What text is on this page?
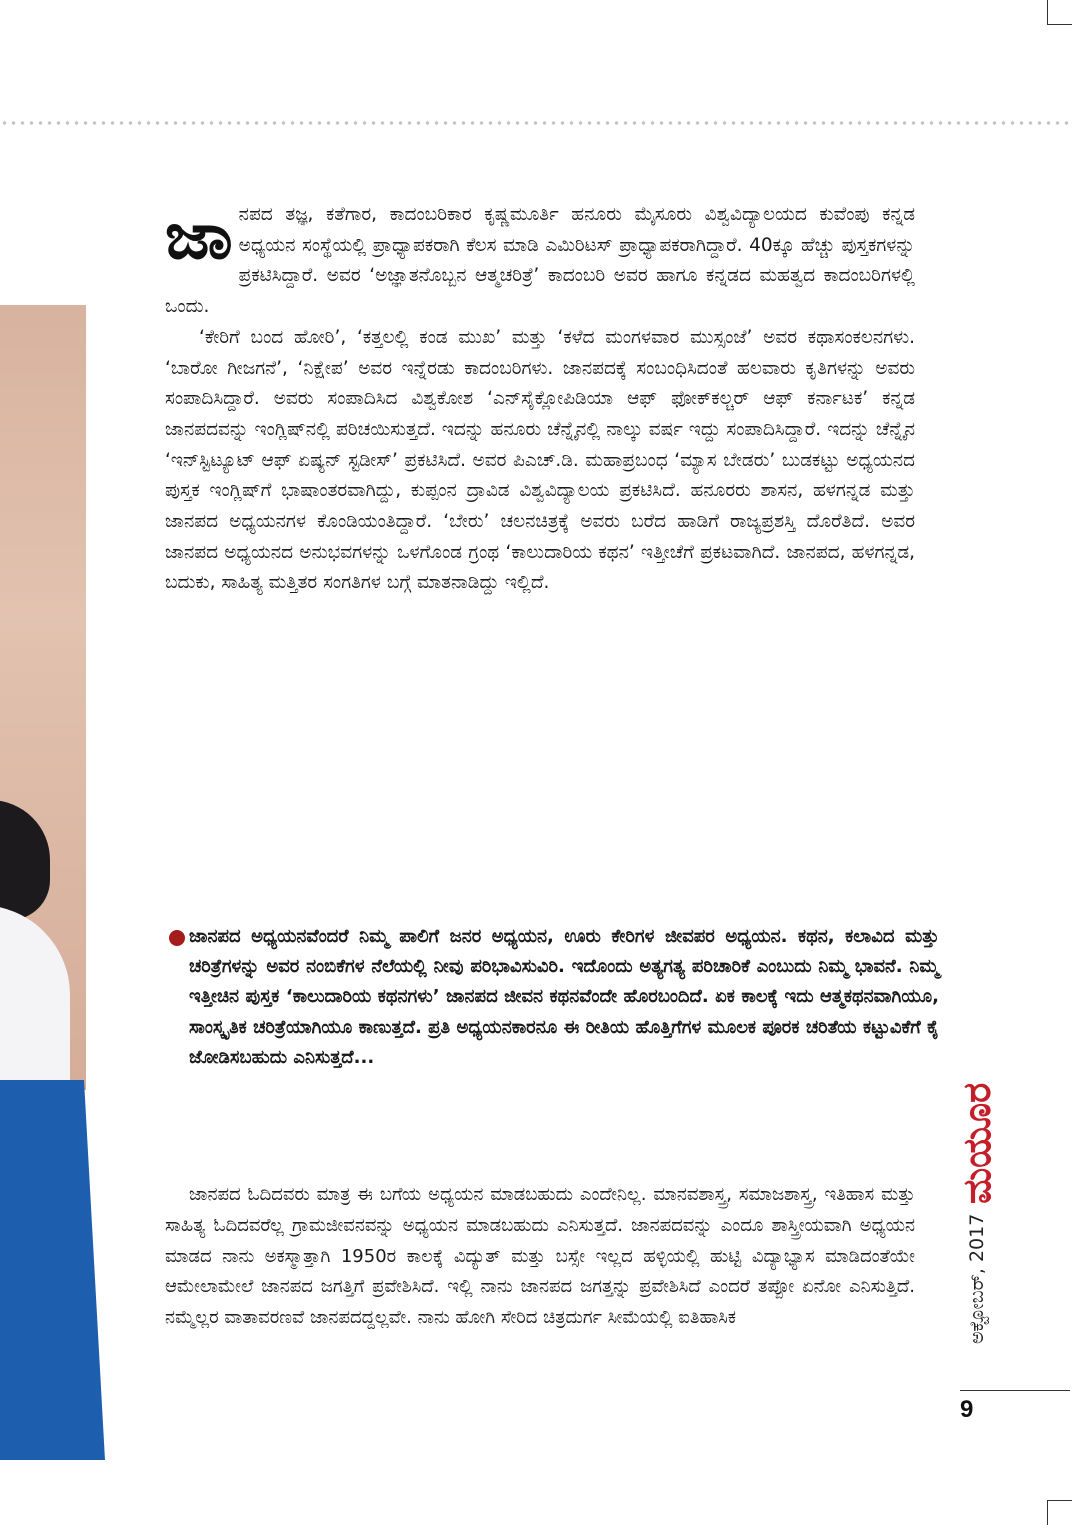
ಜಾನಪದ ತಜ್ಞ, ಕತೆಗಾರ, ಕಾದಂಬರಿಕಾರ ಕೃಷ್ಣಮೂರ್ತಿ ಹನೂರು ಮೈಸೂರು ವಿಶ್ವವಿದ್ಯಾಲಯದ ಕುವೆಂಪು ಕನ್ನಡ ಅಧ್ಯಯನ ಸಂಸ್ಥೆಯಲ್ಲಿ ಪ್ರಾಧ್ಯಾಪಕರಾಗಿ ಕೆಲಸ ಮಾಡಿ ಎಮಿರಿಟಸ್ ಪ್ರಾಧ್ಯಾಪಕರಾಗಿದ್ದಾರೆ. 40ಕ್ಕೂ ಹೆಚ್ಚು ಪುಸ್ತಕಗಳನ್ನು ಪ್ರಕಟಿಸಿದ್ದಾರೆ. ಅವರ ‘ಅಜ್ಞಾತನೊಬ್ಬನ ಆತ್ಮಚರಿತ್ರೆ’ ಕಾದಂಬರಿ ಅವರ ಹಾಗೂ ಕನ್ನಡದ ಮಹತ್ವದ ಕಾದಂಬರಿಗಳಲ್ಲಿ ಒಂದು.

‘ಕೇರಿಗೆ ಬಂದ ಹೋರಿ’, ‘ಕತ್ತಲಲ್ಲಿ ಕಂಡ ಮುಖ’ ಮತ್ತು ‘ಕಳೆದ ಮಂಗಳವಾರ ಮುಸ್ಸಂಜೆ’ ಅವರ ಕಥಾಸಂಕಲನಗಳು. ‘ಬಾರೋ ಗೀಜಗನೆ’, ‘ನಿಕ್ಷೇಪ’ ಅವರ ಇನ್ನೆರಡು ಕಾದಂಬರಿಗಳು. ಜಾನಪದಕ್ಕೆ ಸಂಬಂಧಿಸಿದಂತೆ ಹಲವಾರು ಕೃತಿಗಳನ್ನು ಅವರು ಸಂಪಾದಿಸಿದ್ದಾರೆ. ಅವರು ಸಂಪಾದಿಸಿದ ವಿಶ್ವಕೋಶ ‘ಎನ್‌ಸೈಕ್ಲೋಪಿಡಿಯಾ ಆಫ್ ಫೋಕ್‌ಕಲ್ಚರ್ ಆಫ್ ಕರ್ನಾಟಕ’ ಕನ್ನಡ ಜಾನಪದವನ್ನು ಇಂಗ್ಲಿಷ್‌ನಲ್ಲಿ ಪರಿಚಯಿಸುತ್ತದೆ. ಇದನ್ನು ಹನೂರು ಚೆನ್ನೈನಲ್ಲಿ ನಾಲ್ಕು ವರ್ಷ ಇದ್ದು ಸಂಪಾದಿಸಿದ್ದಾರೆ. ಇದನ್ನು ಚೆನ್ನೈನ ‘ಇನ್‌ಸ್ಟಿಟ್ಯೂಟ್ ಆಫ್ ಏಷ್ಯನ್ ಸ್ಟಡೀಸ್’ ಪ್ರಕಟಿಸಿದೆ. ಅವರ ಪಿಎಚ್.ಡಿ. ಮಹಾಪ್ರಬಂಧ ‘ಮ್ಯಾಸ ಬೇಡರು’ ಬುಡಕಟ್ಟು ಅಧ್ಯಯನದ ಪುಸ್ತಕ ಇಂಗ್ಲಿಷ್‌ಗೆ ಭಾಷಾಂತರವಾಗಿದ್ದು, ಕುಪ್ಪಂನ ದ್ರಾವಿಡ ವಿಶ್ವವಿದ್ಯಾಲಯ ಪ್ರಕಟಿಸಿದೆ. ಹನೂರರು ಶಾಸನ, ಹಳಗನ್ನಡ ಮತ್ತು ಜಾನಪದ ಅಧ್ಯಯನಗಳ ಕೊಂಡಿಯಂತಿದ್ದಾರೆ. ‘ಬೇರು’ ಚಲನಚಿತ್ರಕ್ಕೆ ಅವರು ಬರೆದ ಹಾಡಿಗೆ ರಾಜ್ಯಪ್ರಶಸ್ತಿ ದೊರೆತಿದೆ. ಅವರ ಜಾನಪದ ಅಧ್ಯಯನದ ಅನುಭವಗಳನ್ನು ಒಳಗೊಂಡ ಗ್ರಂಥ ‘ಕಾಲುದಾರಿಯ ಕಥನ’ ಇತ್ತೀಚೆಗೆ ಪ್ರಕಟವಾಗಿದೆ. ಜಾನಪದ, ಹಳಗನ್ನಡ, ಬದುಕು, ಸಾಹಿತ್ಯ ಮತ್ತಿತರ ಸಂಗತಿಗಳ ಬಗ್ಗೆ ಮಾತನಾಡಿದ್ದು ಇಲ್ಲಿದೆ.

ಜಾನಪದ ಅಧ್ಯಯನವೆಂದರೆ ನಿಮ್ಮ ಪಾಲಿಗೆ ಜನರ ಅಧ್ಯಯನ, ಊರು ಕೇರಿಗಳ ಜೀವಪರ ಅಧ್ಯಯನ. ಕಥನ, ಕಲಾವಿದ ಮತ್ತು ಚರಿತ್ರೆಗಳನ್ನು ಅವರ ನಂಬಿಕೆಗಳ ನೆಲೆಯಲ್ಲಿ ನೀವು ಪರಿಭಾವಿಸುವಿರಿ. ಇದೊಂದು ಅತ್ಯಗತ್ಯ ಪರಿಚಾರಿಕೆ ಎಂಬುದು ನಿಮ್ಮ ಭಾವನೆ. ನಿಮ್ಮ ಇತ್ತೀಚಿನ ಪುಸ್ತಕ ‘ಕಾಲುದಾರಿಯ ಕಥನಗಳು’ ಜಾನಪದ ಜೀವನ ಕಥನವೆಂದೇ ಹೊರಬಂದಿದೆ. ಏಕ ಕಾಲಕ್ಕೆ ಇದು ಆತ್ಮಕಥನವಾಗಿಯೂ, ಸಾಂಸ್ಕೃತಿಕ ಚರಿತ್ರೆಯಾಗಿಯೂ ಕಾಣುತ್ತದೆ. ಪ್ರತಿ ಅಧ್ಯಯನಕಾರನೂ ಈ ರೀತಿಯ ಹೊತ್ತಿಗೆಗಳ ಮೂಲಕ ಪೂರಕ ಚರಿತೆಯ ಕಟ್ಟುವಿಕೆಗೆ ಕೈ ಜೋಡಿಸಬಹುದು ಎನಿಸುತ್ತದೆ...

ಜಾನಪದ ಓದಿದವರು ಮಾತ್ರ ಈ ಬಗೆಯ ಅಧ್ಯಯನ ಮಾಡಬಹುದು ಎಂದೇನಿಲ್ಲ. ಮಾನವಶಾಸ್ತ್ರ, ಸಮಾಜಶಾಸ್ತ್ರ, ಇತಿಹಾಸ ಮತ್ತು ಸಾಹಿತ್ಯ ಓದಿದವರೆಲ್ಲ ಗ್ರಾಮಜೀವನವನ್ನು ಅಧ್ಯಯನ ಮಾಡಬಹುದು ಎನಿಸುತ್ತದೆ. ಜಾನಪದವನ್ನು ಎಂದೂ ಶಾಸ್ತ್ರೀಯವಾಗಿ ಅಧ್ಯಯನ ಮಾಡದ ನಾನು ಅಕಸ್ಮಾತ್ತಾಗಿ 1950ರ ಕಾಲಕ್ಕೆ ವಿದ್ಯುತ್ ಮತ್ತು ಬಸ್ಸೇ ಇಲ್ಲದ ಹಳ್ಳಿಯಲ್ಲಿ ಹುಟ್ಟಿ ವಿದ್ಯಾಭ್ಯಾಸ ಮಾಡಿದಂತೆಯೇ ಆಮೇಲಾಮೇಲೆ ಜಾನಪದ ಜಗತ್ತಿಗೆ ಪ್ರವೇಶಿಸಿದೆ. ಇಲ್ಲಿ ನಾನು ಜಾನಪದ ಜಗತ್ತನ್ನು ಪ್ರವೇಶಿಸಿದೆ ಎಂದರೆ ತಪ್ಪೋ ಏನೋ ಎನಿಸುತ್ತಿದೆ. ನಮ್ಮೆಲ್ಲರ ವಾತಾವರಣವೆ ಜಾನಪದದ್ದಲ್ಲವೇ. ನಾನು ಹೋಗಿ ಸೇರಿದ ಚಿತ್ರದುರ್ಗ ಸೀಮೆಯಲ್ಲಿ ಐತಿಹಾಸಿಕ

ಮಯೂರ
ಅಕ್ಟೋಬರ್, 2017
9
